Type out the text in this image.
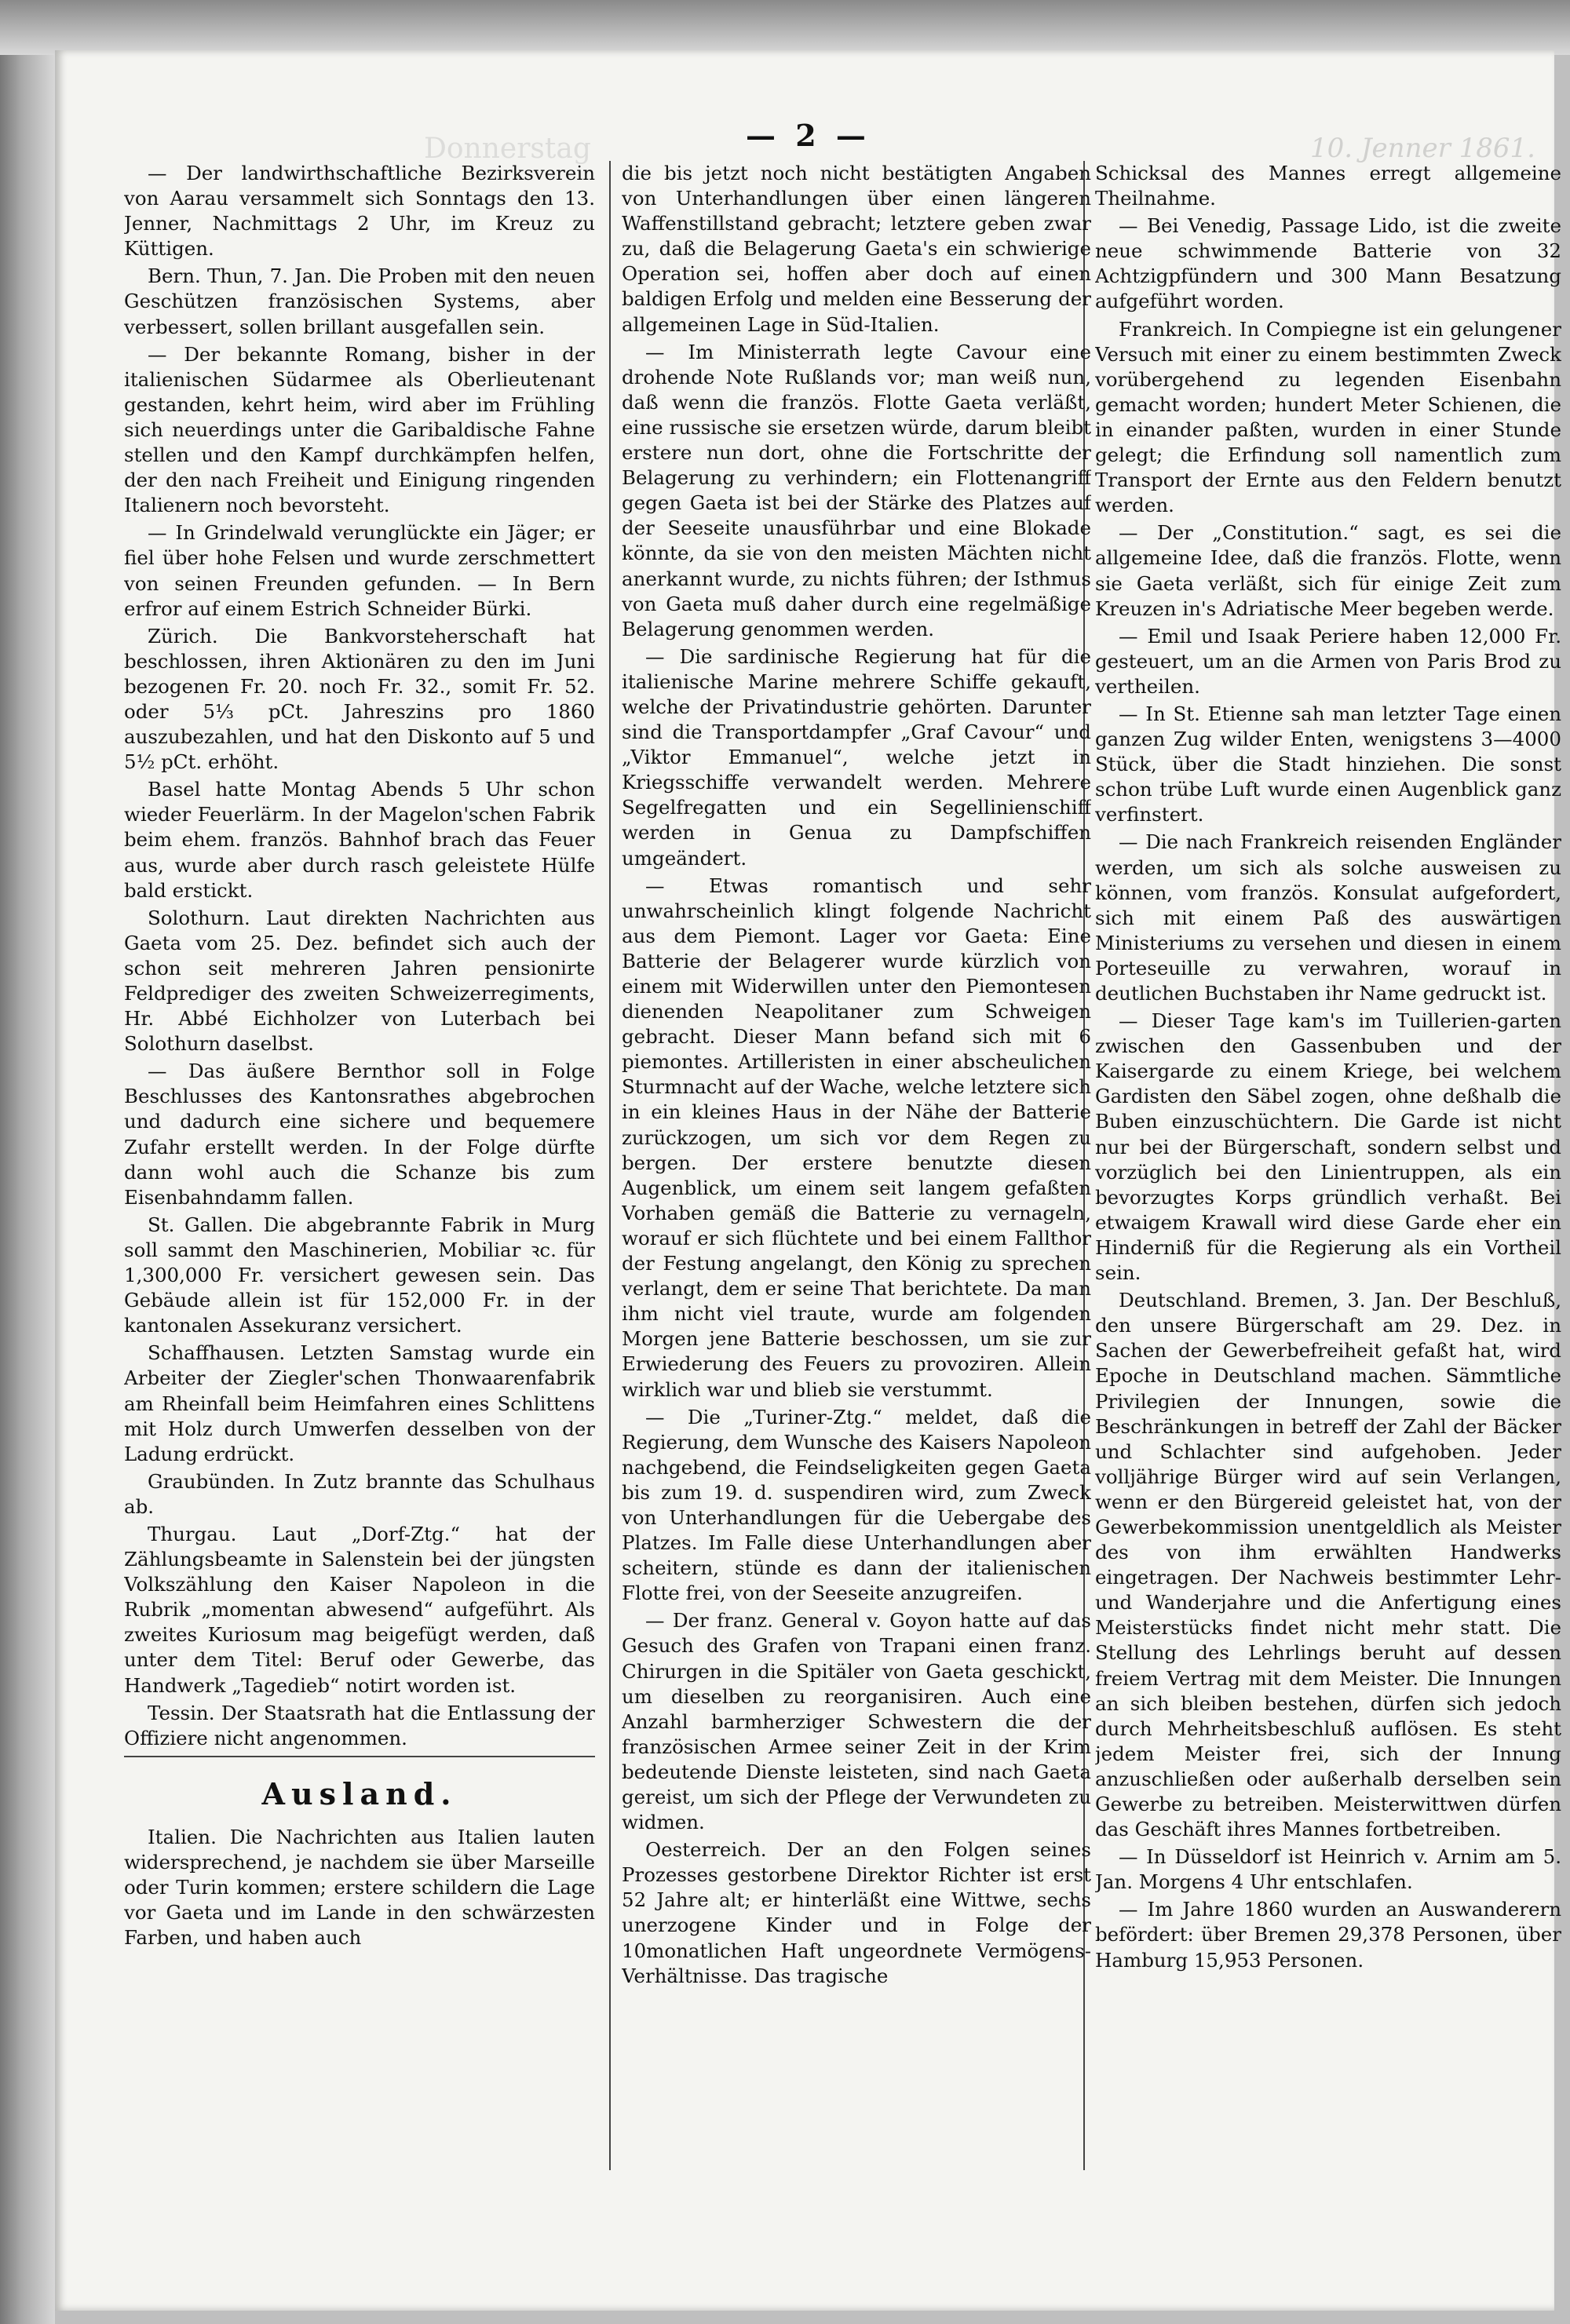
Donnerstag	10. Jenner 1861.
— 2 —

— Der landwirthschaftliche Bezirksverein von Aarau versammelt sich Sonntags den 13. Jenner, Nachmittags 2 Uhr, im Kreuz zu Küttigen.

Bern. Thun, 7. Jan. Die Proben mit den neuen Geschützen französischen Systems, aber verbessert, sollen brillant ausgefallen sein.

— Der bekannte Romang, bisher in der italienischen Südarmee als Oberlieutenant gestanden, kehrt heim, wird aber im Frühling sich neuerdings unter die Garibaldische Fahne stellen und den Kampf durchkämpfen helfen, der den nach Freiheit und Einigung ringenden Italienern noch bevorsteht.

— In Grindelwald verunglückte ein Jäger; er fiel über hohe Felsen und wurde zerschmettert von seinen Freunden gefunden. — In Bern erfror auf einem Estrich Schneider Bürki.

Zürich. Die Bankvorsteherschaft hat beschlossen, ihren Aktionären zu den im Juni bezogenen Fr. 20. noch Fr. 32., somit Fr. 52. oder 5⅓ pCt. Jahreszins pro 1860 auszubezahlen, und hat den Diskonto auf 5 und 5½ pCt. erhöht.

Basel hatte Montag Abends 5 Uhr schon wieder Feuerlärm. In der Magelon'schen Fabrik beim ehem. französ. Bahnhof brach das Feuer aus, wurde aber durch rasch geleistete Hülfe bald erstickt.

Solothurn. Laut direkten Nachrichten aus Gaeta vom 25. Dez. befindet sich auch der schon seit mehreren Jahren pensionirte Feldprediger des zweiten Schweizerregiments, Hr. Abbé Eichholzer von Luterbach bei Solothurn daselbst.

— Das äußere Bernthor soll in Folge Beschlusses des Kantonsrathes abgebrochen und dadurch eine sichere und bequemere Zufahr erstellt werden. In der Folge dürfte dann wohl auch die Schanze bis zum Eisenbahndamm fallen.

St. Gallen. Die abgebrannte Fabrik in Murg soll sammt den Maschinerien, Mobiliar ꝛc. für 1,300,000 Fr. versichert gewesen sein. Das Gebäude allein ist für 152,000 Fr. in der kantonalen Assekuranz versichert.

Schaffhausen. Letzten Samstag wurde ein Arbeiter der Ziegler'schen Thonwaarenfabrik am Rheinfall beim Heimfahren eines Schlittens mit Holz durch Umwerfen desselben von der Ladung erdrückt.

Graubünden. In Zutz brannte das Schulhaus ab.

Thurgau. Laut „Dorf-Ztg.“ hat der Zählungsbeamte in Salenstein bei der jüngsten Volkszählung den Kaiser Napoleon in die Rubrik „momentan abwesend“ aufgeführt. Als zweites Kuriosum mag beigefügt werden, daß unter dem Titel: Beruf oder Gewerbe, das Handwerk „Tagedieb“ notirt worden ist.

Tessin. Der Staatsrath hat die Entlassung der Offiziere nicht angenommen.

Ausland.

Italien. Die Nachrichten aus Italien lauten widersprechend, je nachdem sie über Marseille oder Turin kommen; erstere schildern die Lage vor Gaeta und im Lande in den schwärzesten Farben, und haben auch

die bis jetzt noch nicht bestätigten Angaben von Unterhandlungen über einen längeren Waffenstillstand gebracht; letztere geben zwar zu, daß die Belagerung Gaeta's ein schwierige Operation sei, hoffen aber doch auf einen baldigen Erfolg und melden eine Besserung der allgemeinen Lage in Süd-Italien.

— Im Ministerrath legte Cavour eine drohende Note Rußlands vor; man weiß nun, daß wenn die französ. Flotte Gaeta verläßt, eine russische sie ersetzen würde, darum bleibt erstere nun dort, ohne die Fortschritte der Belagerung zu verhindern; ein Flottenangriff gegen Gaeta ist bei der Stärke des Platzes auf der Seeseite unausführbar und eine Blokade könnte, da sie von den meisten Mächten nicht anerkannt wurde, zu nichts führen; der Isthmus von Gaeta muß daher durch eine regelmäßige Belagerung genommen werden.

— Die sardinische Regierung hat für die italienische Marine mehrere Schiffe gekauft, welche der Privatindustrie gehörten. Darunter sind die Transportdampfer „Graf Cavour“ und „Viktor Emmanuel“, welche jetzt in Kriegsschiffe verwandelt werden. Mehrere Segelfregatten und ein Segellinienschiff werden in Genua zu Dampfschiffen umgeändert.

— Etwas romantisch und sehr unwahrscheinlich klingt folgende Nachricht aus dem Piemont. Lager vor Gaeta: Eine Batterie der Belagerer wurde kürzlich von einem mit Widerwillen unter den Piemontesen dienenden Neapolitaner zum Schweigen gebracht. Dieser Mann befand sich mit 6 piemontes. Artilleristen in einer abscheulichen Sturmnacht auf der Wache, welche letztere sich in ein kleines Haus in der Nähe der Batterie zurückzogen, um sich vor dem Regen zu bergen. Der erstere benutzte diesen Augenblick, um einem seit langem gefaßten Vorhaben gemäß die Batterie zu vernageln, worauf er sich flüchtete und bei einem Fallthor der Festung angelangt, den König zu sprechen verlangt, dem er seine That berichtete. Da man ihm nicht viel traute, wurde am folgenden Morgen jene Batterie beschossen, um sie zur Erwiederung des Feuers zu provoziren. Allein wirklich war und blieb sie verstummt.

— Die „Turiner-Ztg.“ meldet, daß die Regierung, dem Wunsche des Kaisers Napoleon nachgebend, die Feindseligkeiten gegen Gaeta bis zum 19. d. suspendiren wird, zum Zweck von Unterhandlungen für die Uebergabe des Platzes. Im Falle diese Unterhandlungen aber scheitern, stünde es dann der italienischen Flotte frei, von der Seeseite anzugreifen.

— Der franz. General v. Goyon hatte auf das Gesuch des Grafen von Trapani einen franz. Chirurgen in die Spitäler von Gaeta geschickt, um dieselben zu reorganisiren. Auch eine Anzahl barmherziger Schwestern die der französischen Armee seiner Zeit in der Krim bedeutende Dienste leisteten, sind nach Gaeta gereist, um sich der Pflege der Verwundeten zu widmen.

Oesterreich. Der an den Folgen seines Prozesses gestorbene Direktor Richter ist erst 52 Jahre alt; er hinterläßt eine Wittwe, sechs unerzogene Kinder und in Folge der 10monatlichen Haft ungeordnete Vermögens-Verhältnisse. Das tragische

Schicksal des Mannes erregt allgemeine Theilnahme.

— Bei Venedig, Passage Lido, ist die zweite neue schwimmende Batterie von 32 Achtzigpfündern und 300 Mann Besatzung aufgeführt worden.

Frankreich. In Compiegne ist ein gelungener Versuch mit einer zu einem bestimmten Zweck vorübergehend zu legenden Eisenbahn gemacht worden; hundert Meter Schienen, die in einander paßten, wurden in einer Stunde gelegt; die Erfindung soll namentlich zum Transport der Ernte aus den Feldern benutzt werden.

— Der „Constitution.“ sagt, es sei die allgemeine Idee, daß die französ. Flotte, wenn sie Gaeta verläßt, sich für einige Zeit zum Kreuzen in's Adriatische Meer begeben werde.

— Emil und Isaak Periere haben 12,000 Fr. gesteuert, um an die Armen von Paris Brod zu vertheilen.

— In St. Etienne sah man letzter Tage einen ganzen Zug wilder Enten, wenigstens 3—4000 Stück, über die Stadt hinziehen. Die sonst schon trübe Luft wurde einen Augenblick ganz verfinstert.

— Die nach Frankreich reisenden Engländer werden, um sich als solche ausweisen zu können, vom französ. Konsulat aufgefordert, sich mit einem Paß des auswärtigen Ministeriums zu versehen und diesen in einem Porteseuille zu verwahren, worauf in deutlichen Buchstaben ihr Name gedruckt ist.

— Dieser Tage kam's im Tuillerien-garten zwischen den Gassenbuben und der Kaisergarde zu einem Kriege, bei welchem Gardisten den Säbel zogen, ohne deßhalb die Buben einzuschüchtern. Die Garde ist nicht nur bei der Bürgerschaft, sondern selbst und vorzüglich bei den Linientruppen, als ein bevorzugtes Korps gründlich verhaßt. Bei etwaigem Krawall wird diese Garde eher ein Hinderniß für die Regierung als ein Vortheil sein.

Deutschland. Bremen, 3. Jan. Der Beschluß, den unsere Bürgerschaft am 29. Dez. in Sachen der Gewerbefreiheit gefaßt hat, wird Epoche in Deutschland machen. Sämmtliche Privilegien der Innungen, sowie die Beschränkungen in betreff der Zahl der Bäcker und Schlachter sind aufgehoben. Jeder volljährige Bürger wird auf sein Verlangen, wenn er den Bürgereid geleistet hat, von der Gewerbekommission unentgeldlich als Meister des von ihm erwählten Handwerks eingetragen. Der Nachweis bestimmter Lehr- und Wanderjahre und die Anfertigung eines Meisterstücks findet nicht mehr statt. Die Stellung des Lehrlings beruht auf dessen freiem Vertrag mit dem Meister. Die Innungen an sich bleiben bestehen, dürfen sich jedoch durch Mehrheitsbeschluß auflösen. Es steht jedem Meister frei, sich der Innung anzuschließen oder außerhalb derselben sein Gewerbe zu betreiben. Meisterwittwen dürfen das Geschäft ihres Mannes fortbetreiben.

— In Düsseldorf ist Heinrich v. Arnim am 5. Jan. Morgens 4 Uhr entschlafen.

— Im Jahre 1860 wurden an Auswanderern befördert: über Bremen 29,378 Personen, über Hamburg 15,953 Personen.
